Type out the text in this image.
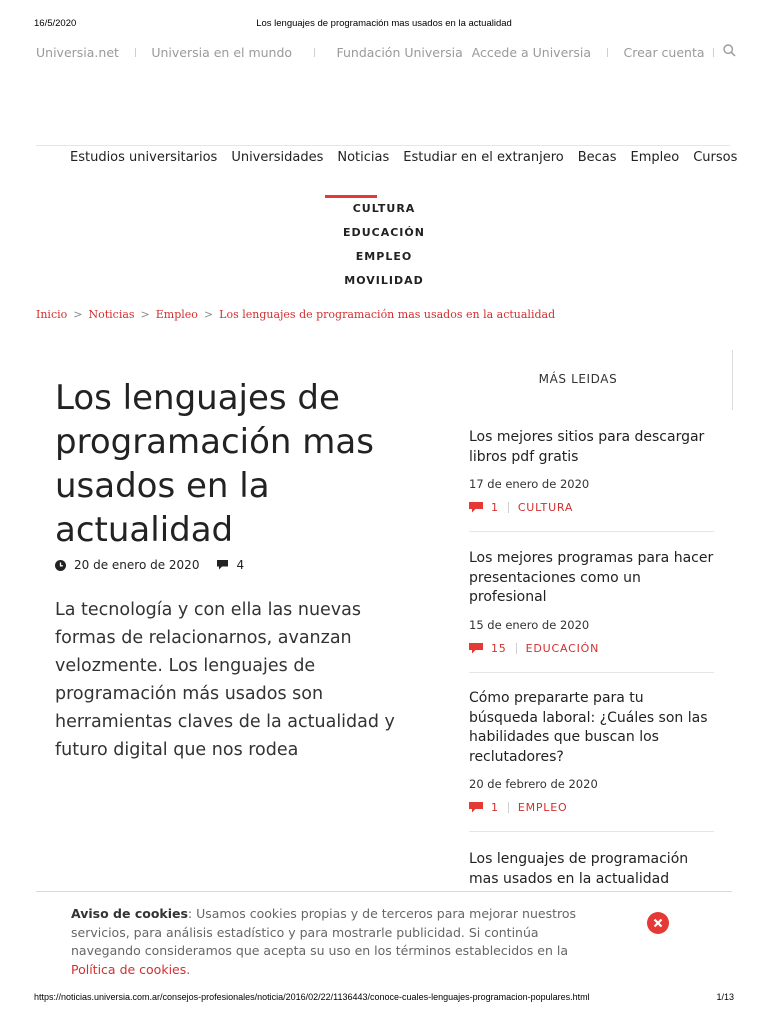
16/5/2020	Los lenguajes de programación mas usados en la actualidad
Universia.net	Universia en el mundo	Fundación Universia Accede a Universia	Crear cuenta
Estudios universitarios Universidades Noticias Estudiar en el extranjero Becas Empleo Cursos
CULTURA
EDUCACIÓN
EMPLEO
MOVILIDAD
Inicio > Noticias > Empleo > Los lenguajes de programación mas usados en la actualidad
Los lenguajes de programación mas usados en la actualidad
20 de enero de 2020	4

La tecnología y con ella las nuevas formas de relacionarnos, avanzan velozmente. Los lenguajes de programación más usados son herramientas claves de la actualidad y futuro digital que nos rodea

MÁS LEIDAS
Los mejores sitios para descargar libros pdf gratis
17 de enero de 2020
1 CULTURA
Los mejores programas para hacer presentaciones como un profesional
15 de enero de 2020
15 EDUCACIÓN
Cómo prepararte para tu búsqueda laboral: ¿Cuáles son las habilidades que buscan los reclutadores?
20 de febrero de 2020
1 EMPLEO
Los lenguajes de programación mas usados en la actualidad

Aviso de cookies: Usamos cookies propias y de terceros para mejorar nuestros servicios, para análisis estadístico y para mostrarle publicidad. Si continúa navegando consideramos que acepta su uso en los términos establecidos en la Política de cookies.

https://noticias.universia.com.ar/consejos-profesionales/noticia/2016/02/22/1136443/conoce-cuales-lenguajes-programacion-populares.html	1/13
